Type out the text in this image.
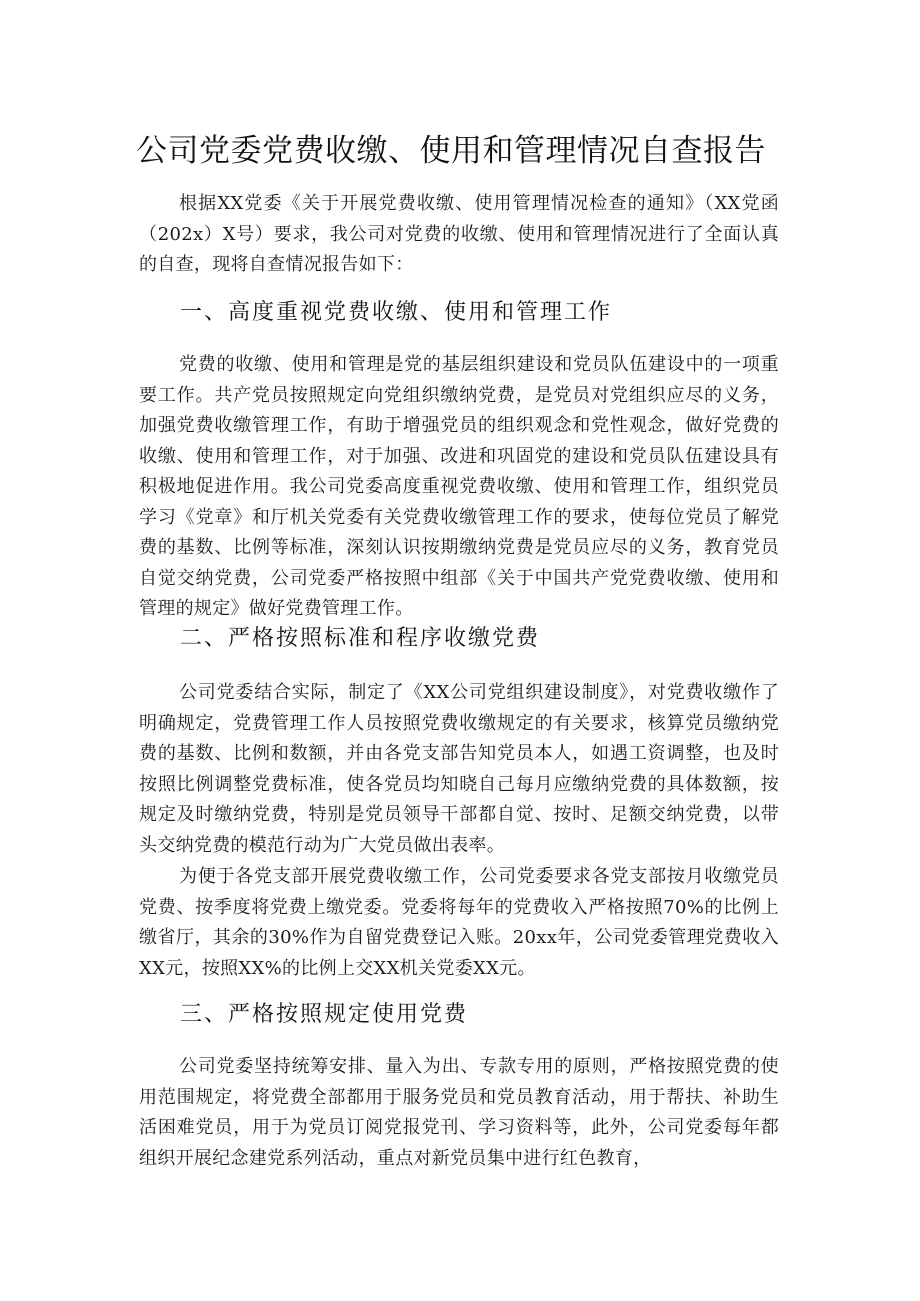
公司党委党费收缴、使用和管理情况自查报告

根据XX党委《关于开展党费收缴、使用管理情况检查的通知》（XX党函（202x）X号）要求，我公司对党费的收缴、使用和管理情况进行了全面认真的自查，现将自查情况报告如下：

一、高度重视党费收缴、使用和管理工作

党费的收缴、使用和管理是党的基层组织建设和党员队伍建设中的一项重要工作。共产党员按照规定向党组织缴纳党费，是党员对党组织应尽的义务，加强党费收缴管理工作，有助于增强党员的组织观念和党性观念，做好党费的收缴、使用和管理工作，对于加强、改进和巩固党的建设和党员队伍建设具有积极地促进作用。我公司党委高度重视党费收缴、使用和管理工作，组织党员学习《党章》和厅机关党委有关党费收缴管理工作的要求，使每位党员了解党费的基数、比例等标准，深刻认识按期缴纳党费是党员应尽的义务，教育党员自觉交纳党费，公司党委严格按照中组部《关于中国共产党党费收缴、使用和管理的规定》做好党费管理工作。

二、严格按照标准和程序收缴党费

公司党委结合实际，制定了《XX公司党组织建设制度》，对党费收缴作了明确规定，党费管理工作人员按照党费收缴规定的有关要求，核算党员缴纳党费的基数、比例和数额，并由各党支部告知党员本人，如遇工资调整，也及时按照比例调整党费标准，使各党员均知晓自己每月应缴纳党费的具体数额，按规定及时缴纳党费，特别是党员领导干部都自觉、按时、足额交纳党费，以带头交纳党费的模范行动为广大党员做出表率。

为便于各党支部开展党费收缴工作，公司党委要求各党支部按月收缴党员党费、按季度将党费上缴党委。党委将每年的党费收入严格按照70%的比例上缴省厅，其余的30%作为自留党费登记入账。20xx年，公司党委管理党费收入XX元，按照XX%的比例上交XX机关党委XX元。

三、严格按照规定使用党费

公司党委坚持统筹安排、量入为出、专款专用的原则，严格按照党费的使用范围规定，将党费全部都用于服务党员和党员教育活动，用于帮扶、补助生活困难党员，用于为党员订阅党报党刊、学习资料等，此外，公司党委每年都组织开展纪念建党系列活动，重点对新党员集中进行红色教育，
